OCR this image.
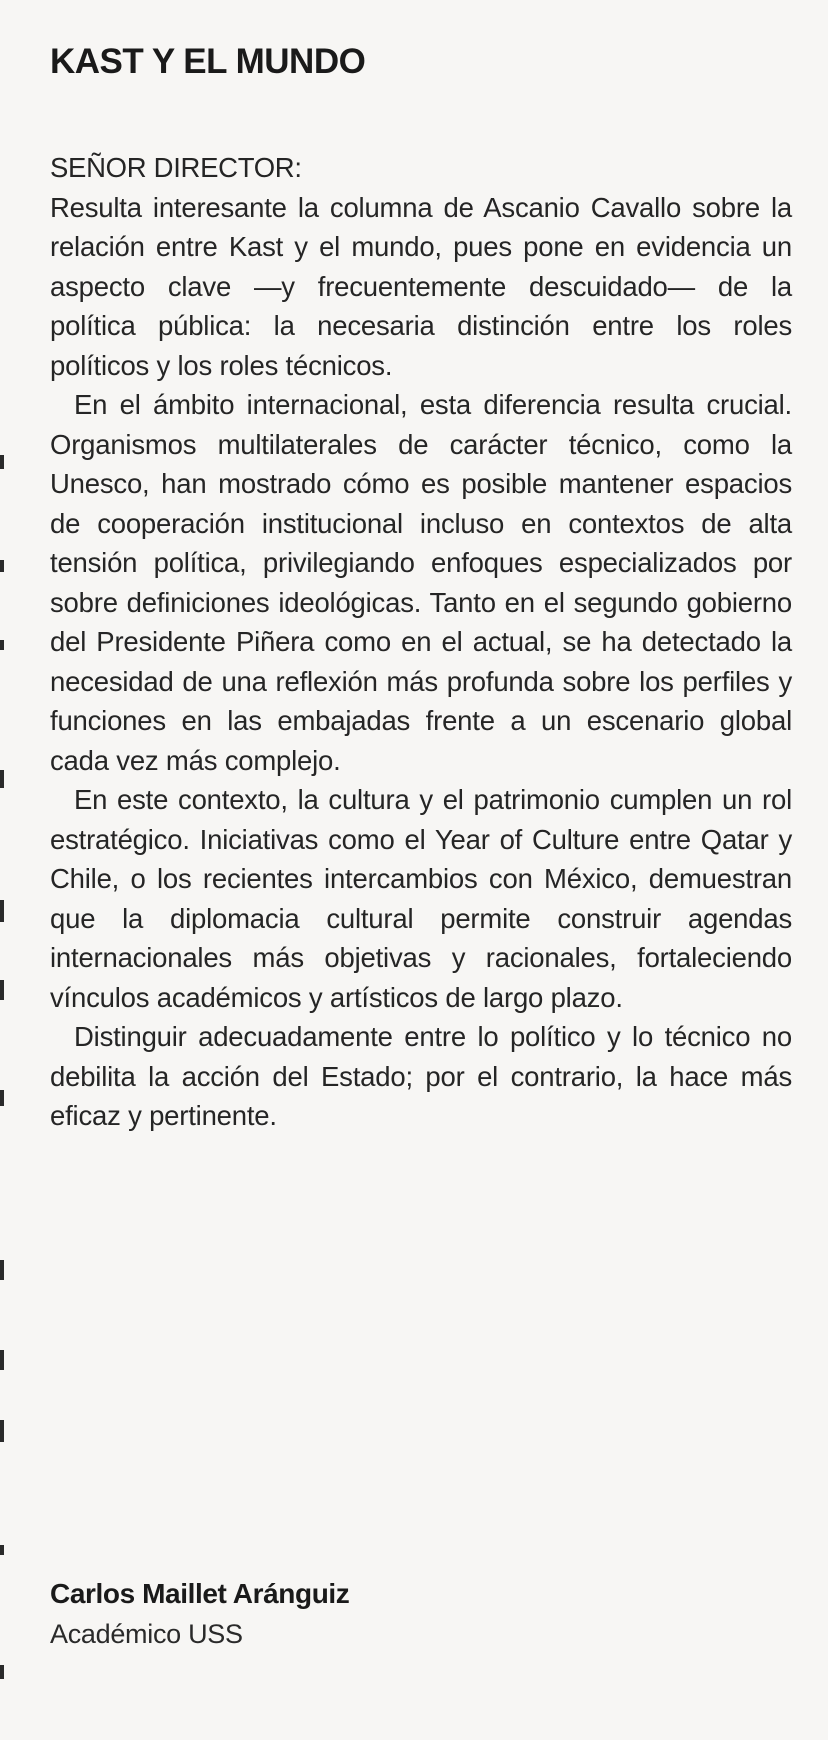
KAST Y EL MUNDO
SEÑOR DIRECTOR:

Resulta interesante la columna de Ascanio Cavallo sobre la relación entre Kast y el mundo, pues pone en evidencia un aspecto clave —y frecuentemente descuidado— de la política pública: la necesaria distinción entre los roles políticos y los roles técnicos.

En el ámbito internacional, esta diferencia resulta crucial. Organismos multilaterales de carácter técnico, como la Unesco, han mostrado cómo es posible mantener espacios de cooperación institucional incluso en contextos de alta tensión política, privilegiando enfoques especializados por sobre definiciones ideológicas. Tanto en el segundo gobierno del Presidente Piñera como en el actual, se ha detectado la necesidad de una reflexión más profunda sobre los perfiles y funciones en las embajadas frente a un escenario global cada vez más complejo.

En este contexto, la cultura y el patrimonio cumplen un rol estratégico. Iniciativas como el Year of Culture entre Qatar y Chile, o los recientes intercambios con México, demuestran que la diplomacia cultural permite construir agendas internacionales más objetivas y racionales, fortaleciendo vínculos académicos y artísticos de largo plazo.

Distinguir adecuadamente entre lo político y lo técnico no debilita la acción del Estado; por el contrario, la hace más eficaz y pertinente.

Carlos Maillet Aránguiz
Académico USS
